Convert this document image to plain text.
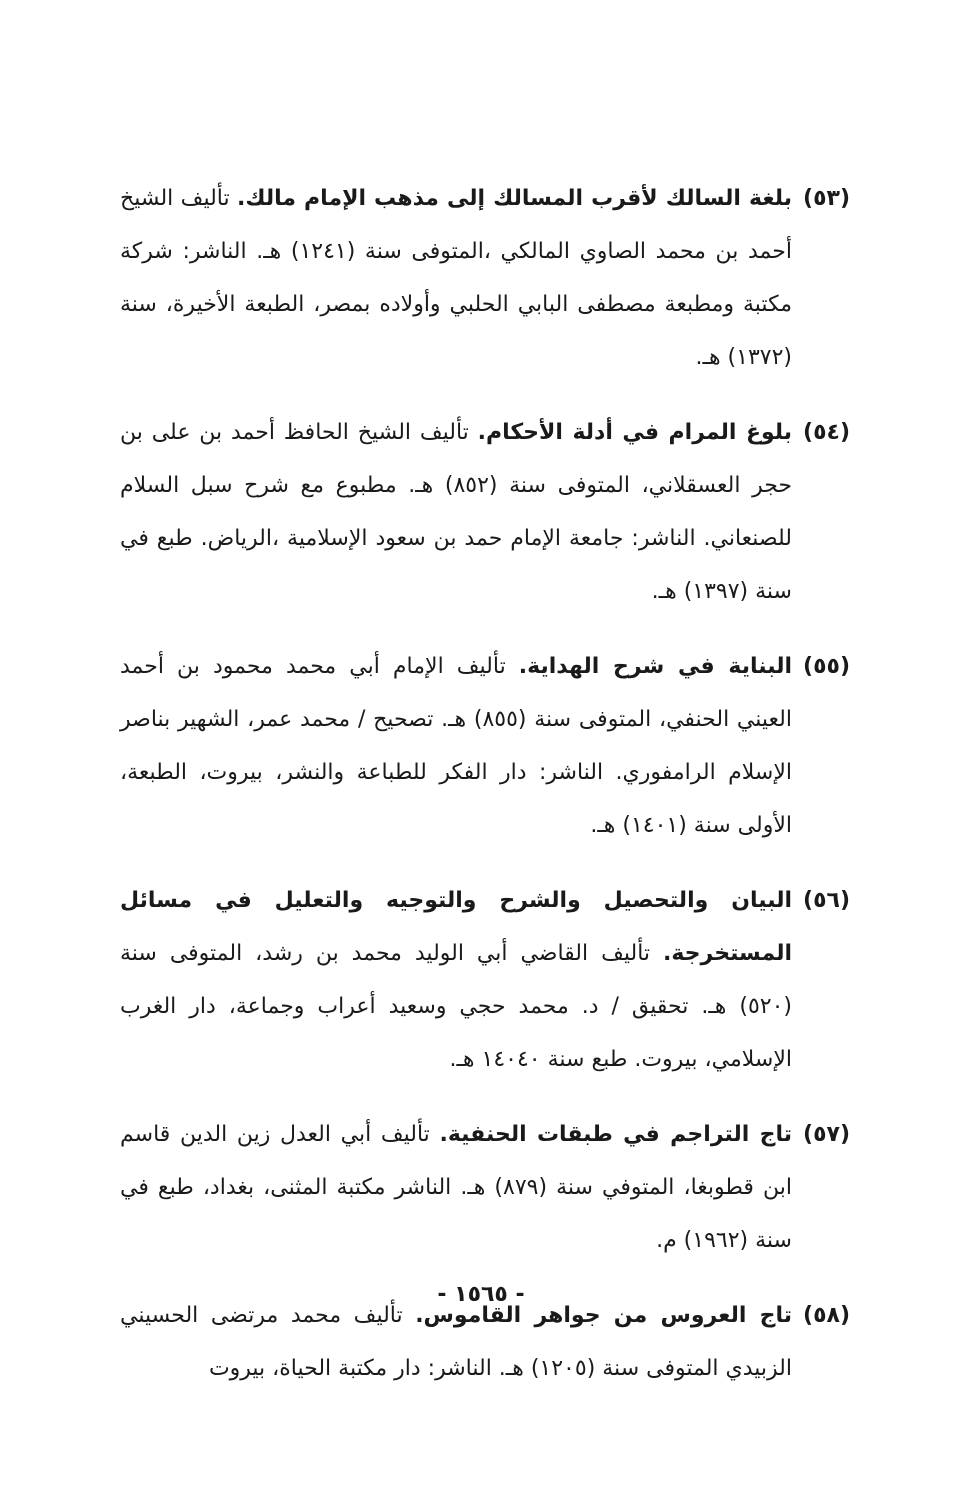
(٥٣)
بلغة السالك لأقرب المسالك إلى مذهب الإمام مالك. تأليف الشيخ أحمد بن محمد الصاوي المالكي ،المتوفى سنة (١٢٤١) هـ. الناشر: شركة مكتبة ومطبعة مصطفى البابي الحلبي وأولاده بمصر، الطبعة الأخيرة، سنة (١٣٧٢) هـ.
(٥٤)
بلوغ المرام في أدلة الأحكام. تأليف الشيخ الحافظ أحمد بن على بن حجر العسقلاني، المتوفى سنة (٨٥٢) هـ. مطبوع مع شرح سبل السلام للصنعاني. الناشر: جامعة الإمام حمد بن سعود الإسلامية ،الرياض. طبع في سنة (١٣٩٧) هـ.
(٥٥)
البناية في شرح الهداية. تأليف الإمام أبي محمد محمود بن أحمد العيني الحنفي، المتوفى سنة (٨٥٥) هـ. تصحيح / محمد عمر، الشهير بناصر الإسلام الرامفوري. الناشر: دار الفكر للطباعة والنشر، بيروت، الطبعة، الأولى سنة (١٤٠١) هـ.
(٥٦)
البيان والتحصيل والشرح والتوجيه والتعليل في مسائل المستخرجة. تأليف القاضي أبي الوليد محمد بن رشد، المتوفى سنة (٥٢٠) هـ. تحقيق / د. محمد حجي وسعيد أعراب وجماعة، دار الغرب الإسلامي، بيروت. طبع سنة ١٤٠٤٠ هـ.
(٥٧)
تاج التراجم في طبقات الحنفية. تأليف أبي العدل زين الدين قاسم ابن قطوبغا، المتوفي سنة (٨٧٩) هـ. الناشر مكتبة المثنى، بغداد، طبع في سنة (١٩٦٢) م.
(٥٨)
تاج العروس من جواهر القاموس. تأليف محمد مرتضى الحسيني الزبيدي المتوفى سنة (١٢٠٥) هـ. الناشر: دار مكتبة الحياة، بيروت
- ١٥٦٥ -
